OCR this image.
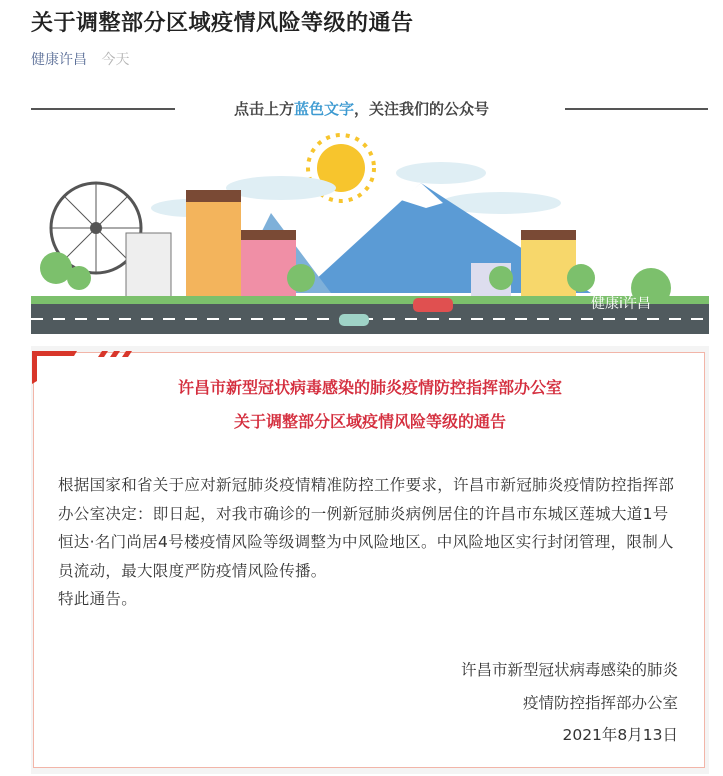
关于调整部分区域疫情风险等级的通告
健康许昌 今天
点击上方蓝色文字，关注我们的公众号
健康i许昌
许昌市新型冠状病毒感染的肺炎疫情防控指挥部办公室
关于调整部分区域疫情风险等级的通告
根据国家和省关于应对新冠肺炎疫情精准防控工作要求，许昌市新冠肺炎疫情防控指挥部办公室决定：即日起，对我市确诊的一例新冠肺炎病例居住的许昌市东城区莲城大道1号恒达·名门尚居4号楼疫情风险等级调整为中风险地区。中风险地区实行封闭管理，限制人员流动，最大限度严防疫情风险传播。
特此通告。
许昌市新型冠状病毒感染的肺炎
疫情防控指挥部办公室
2021年8月13日
